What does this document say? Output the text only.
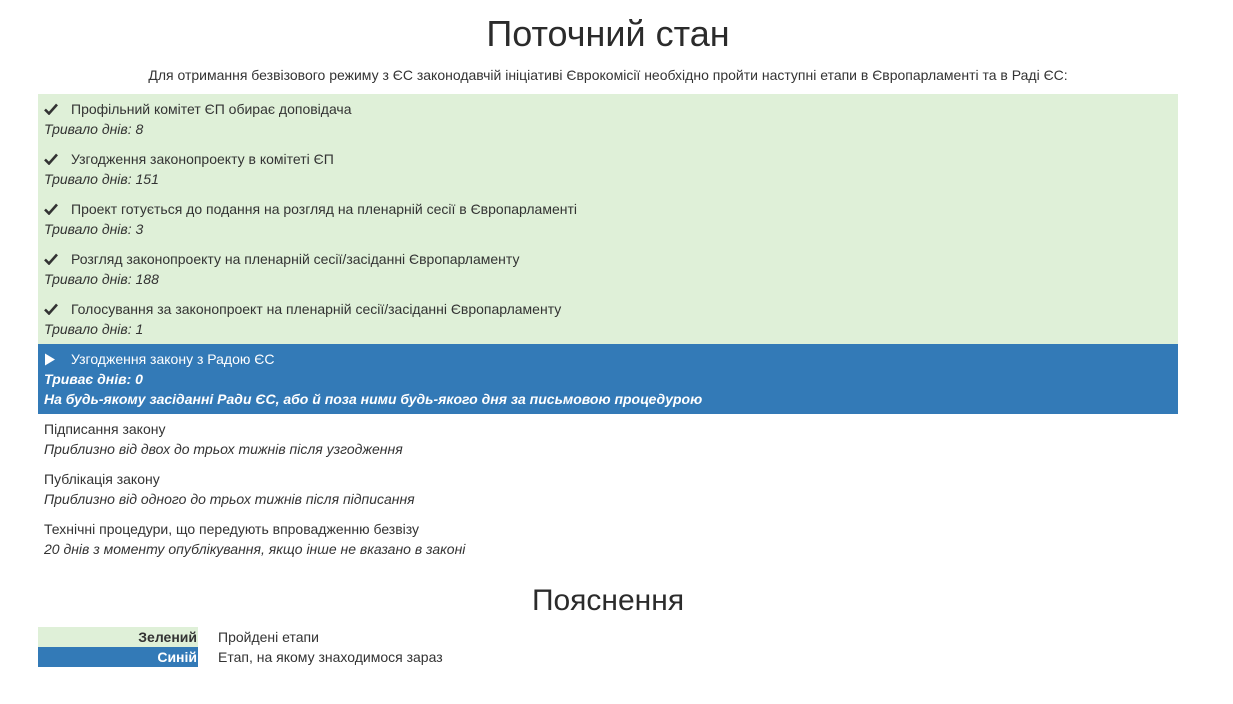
Поточний стан
Для отримання безвізового режиму з ЄС законодавчій ініціативі Єврокомісії необхідно пройти наступні етапи в Європарламенті та в Раді ЄС:
Профільний комітет ЄП обирає доповідача
Тривало днів: 8
Узгодження законопроекту в комітеті ЄП
Тривало днів: 151
Проект готується до подання на розгляд на пленарній сесії в Європарламенті
Тривало днів: 3
Розгляд законопроекту на пленарній сесії/засіданні Європарламенту
Тривало днів: 188
Голосування за законопроект на пленарній сесії/засіданні Європарламенту
Тривало днів: 1
Узгодження закону з Радою ЄС
Триває днів: 0
На будь-якому засіданні Ради ЄС, або й поза ними будь-якого дня за письмовою процедурою
Підписання закону
Приблизно від двох до трьох тижнів після узгодження
Публікація закону
Приблизно від одного до трьох тижнів після підписання
Технічні процедури, що передують впровадженню безвізу
20 днів з моменту опублікування, якщо інше не вказано в законі
Пояснення
Зелений Пройдені етапи
Синій Етап, на якому знаходимося зараз
